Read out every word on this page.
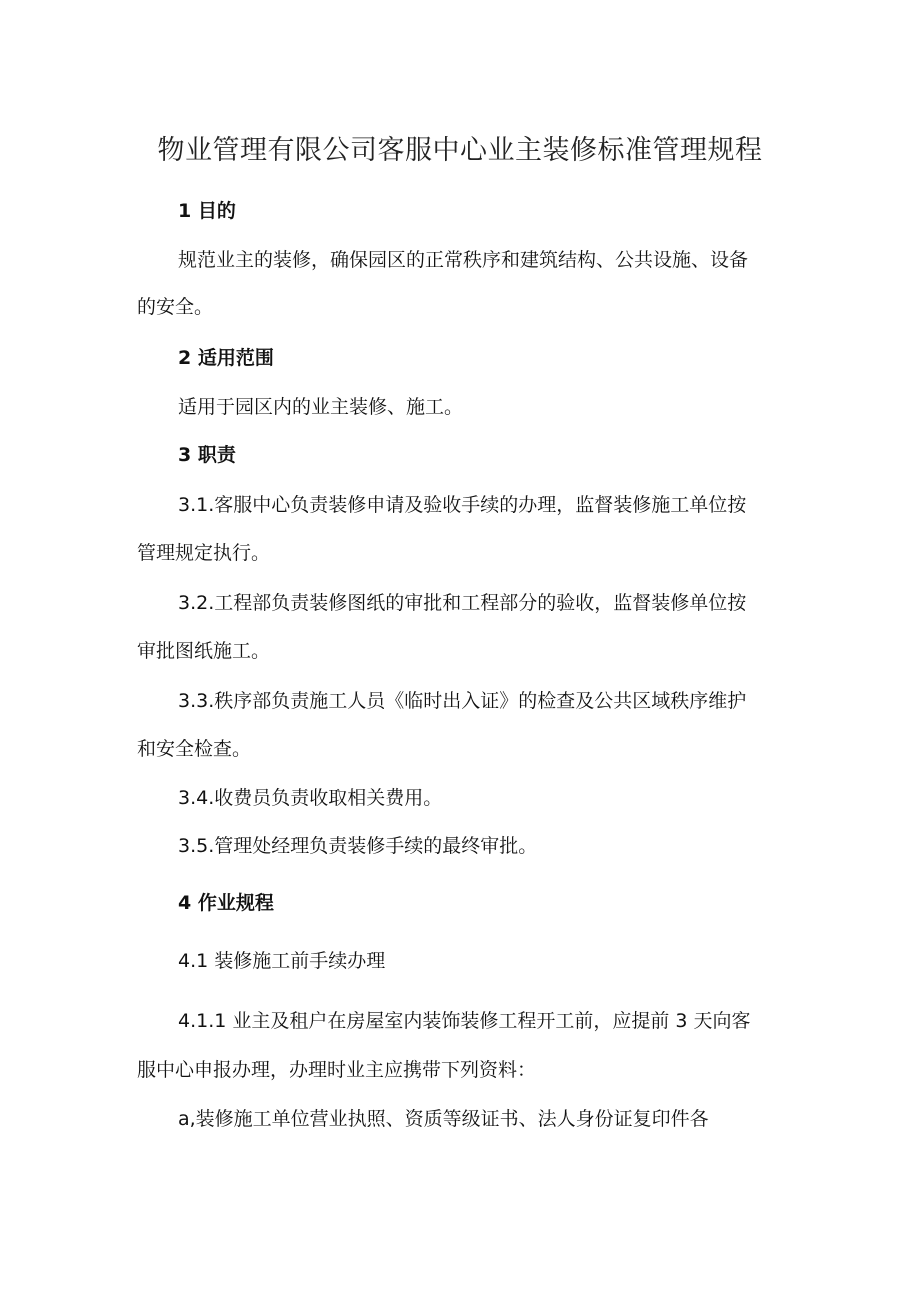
物业管理有限公司客服中心业主装修标准管理规程
1 目的
规范业主的装修，确保园区的正常秩序和建筑结构、公共设施、设备
的安全。
2 适用范围
适用于园区内的业主装修、施工。
3 职责
3.1.客服中心负责装修申请及验收手续的办理，监督装修施工单位按
管理规定执行。
3.2.工程部负责装修图纸的审批和工程部分的验收，监督装修单位按
审批图纸施工。
3.3.秩序部负责施工人员《临时出入证》的检查及公共区域秩序维护
和安全检查。
3.4.收费员负责收取相关费用。
3.5.管理处经理负责装修手续的最终审批。
4 作业规程
4.1 装修施工前手续办理
4.1.1 业主及租户在房屋室内装饰装修工程开工前，应提前 3 天向客
服中心申报办理，办理时业主应携带下列资料：
a,装修施工单位营业执照、资质等级证书、法人身份证复印件各
